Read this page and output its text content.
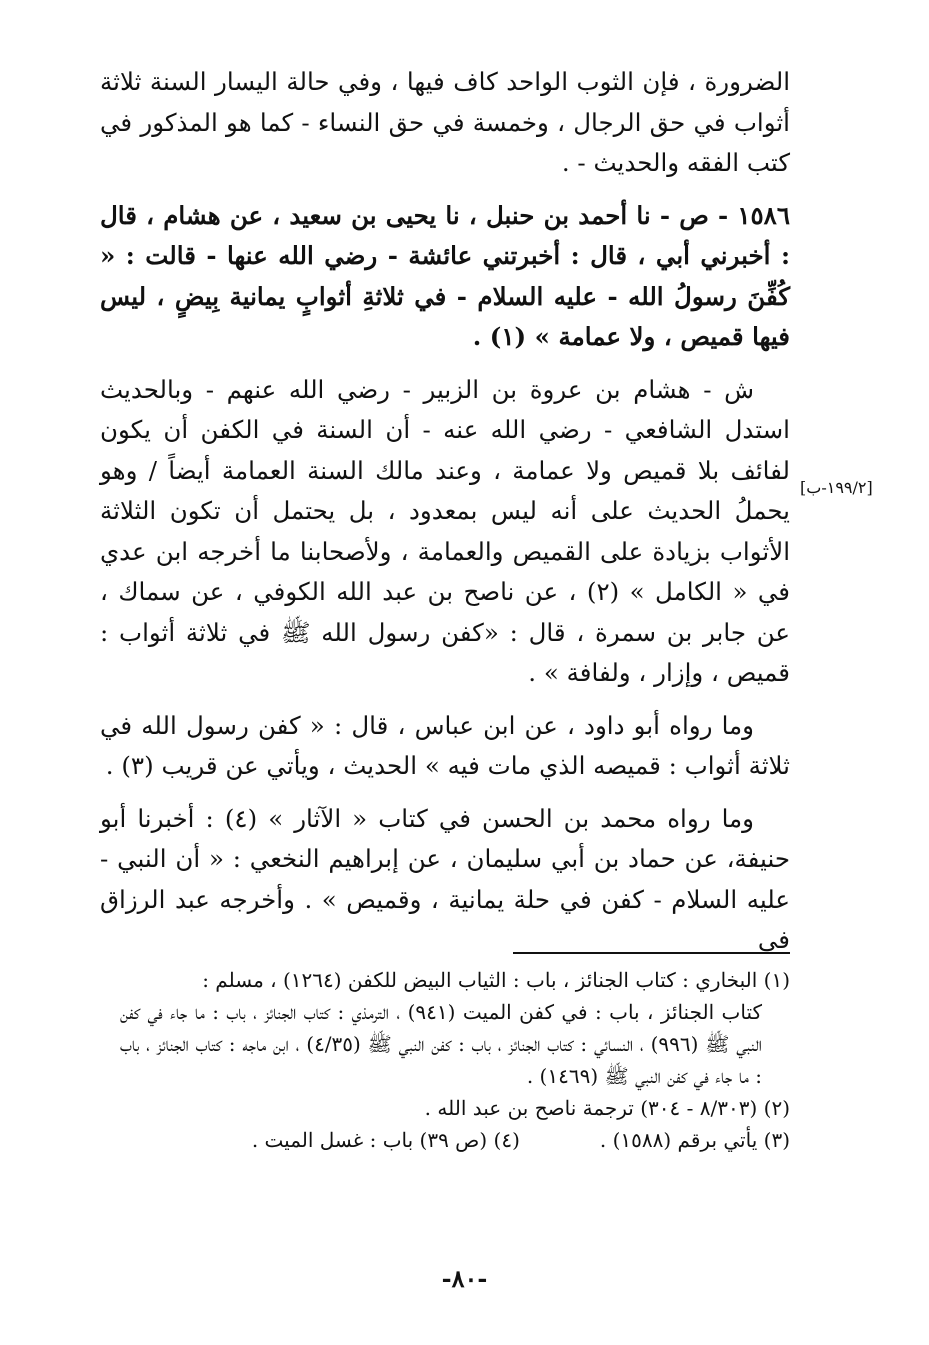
الضرورة ، فإن الثوب الواحد كاف فيها ، وفي حالة اليسار السنة ثلاثة أثواب في حق الرجال ، وخمسة في حق النساء - كما هو المذكور في كتب الفقه والحديث - .

١٥٨٦ - ص - نا أحمد بن حنبل ، نا يحيى بن سعيد ، عن هشام ، قال : أخبرني أبي ، قال : أخبرتني عائشة - رضي الله عنها - قالت : « كُفِّنَ رسولُ الله - عليه السلام - في ثلاثةِ أثوابٍ يمانية بِيضٍ ، ليس فيها قميص ، ولا عمامة » (١) .

ش - هشام بن عروة بن الزبير - رضي الله عنهم - وبالحديث استدل الشافعي - رضي الله عنه - أن السنة في الكفن أن يكون لفائف بلا قميص ولا عمامة ، وعند مالك السنة العمامة أيضاً / وهو يحملُ الحديث على أنه ليس بمعدود ، بل يحتمل أن تكون الثلاثة الأثواب بزيادة على القميص والعمامة ، ولأصحابنا ما أخرجه ابن عدي في « الكامل » (٢) ، عن ناصح بن عبد الله الكوفي ، عن سماك ، عن جابر بن سمرة ، قال : «كفن رسول الله ﷺ في ثلاثة أثواب : قميص ، وإزار ، ولفافة » .

وما رواه أبو داود ، عن ابن عباس ، قال : « كفن رسول الله في ثلاثة أثواب : قميصه الذي مات فيه » الحديث ، ويأتي عن قريب (٣) .

وما رواه محمد بن الحسن في كتاب « الآثار » (٤) : أخبرنا أبو حنيفة، عن حماد بن أبي سليمان ، عن إبراهيم النخعي : « أن النبي - عليه السلام - كفن في حلة يمانية ، وقميص » . وأخرجه عبد الرزاق في

[١٩٩/٢-ب]

(١) البخاري : كتاب الجنائز ، باب : الثياب البيض للكفن (١٢٦٤) ، مسلم :

كتاب الجنائز ، باب : في كفن الميت (٩٤١) ، الترمذي : كتاب الجنائز ، باب : ما جاء في كفن النبي ﷺ (٩٩٦) ، النسائي : كتاب الجنائز ، باب : كفن النبي ﷺ (٤/٣٥) ، ابن ماجه : كتاب الجنائز ، باب : ما جاء في كفن النبي ﷺ (١٤٦٩) .

(٢) (٨/٣٠٣ - ٣٠٤) ترجمة ناصح بن عبد الله .

(٣) يأتي برقم (١٥٨٨) .
(٤) (ص ٣٩) باب : غسل الميت .
-٨٠-
